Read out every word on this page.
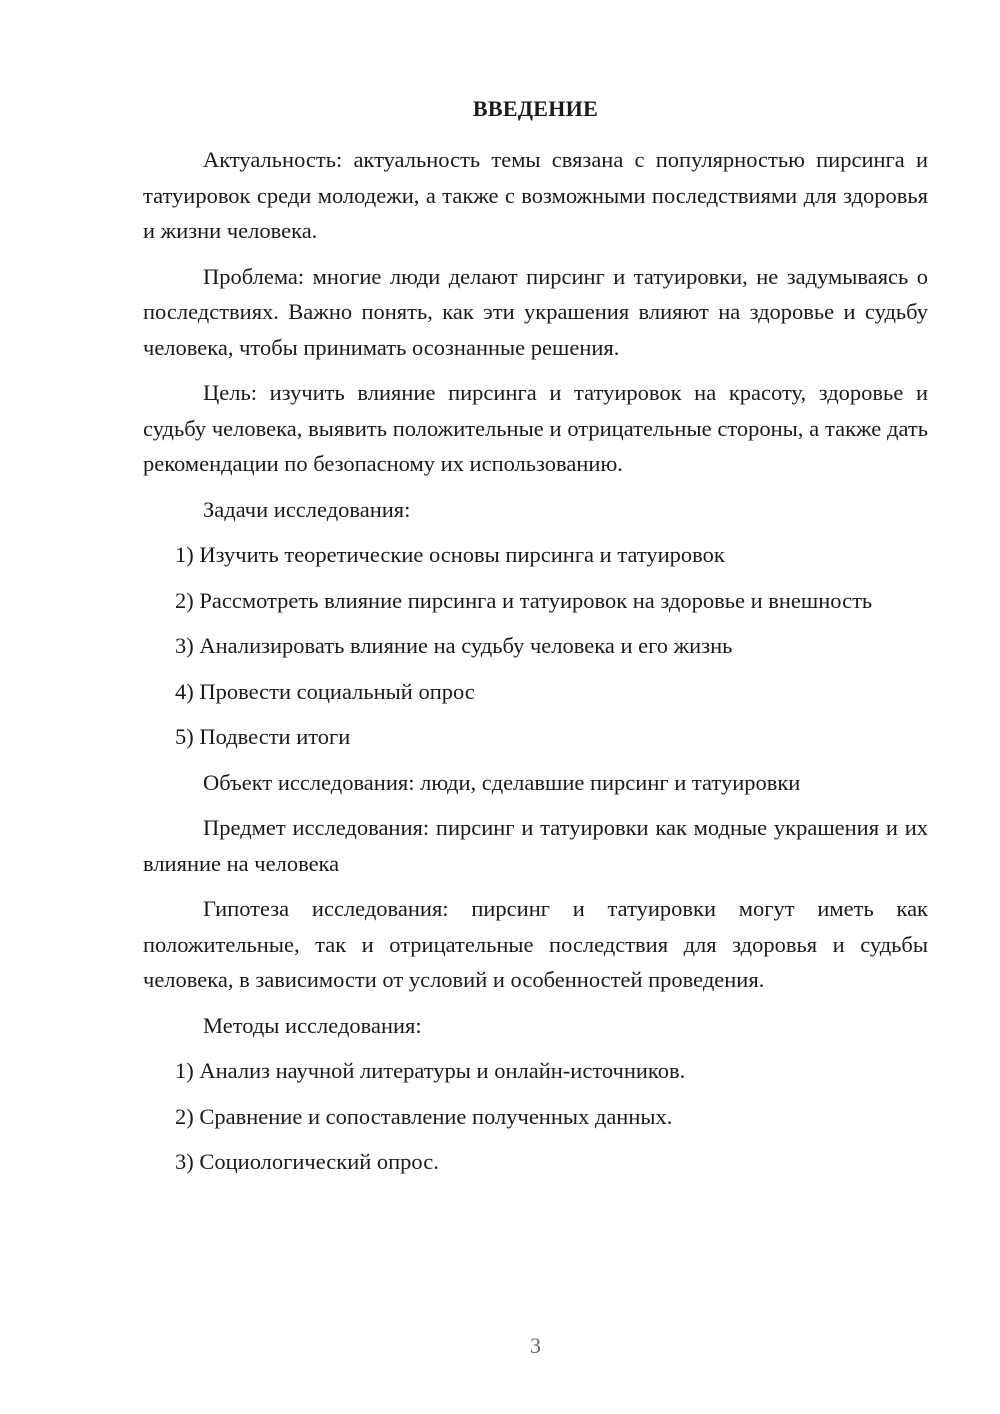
ВВЕДЕНИЕ

Актуальность: актуальность темы связана с популярностью пирсинга и татуировок среди молодежи, а также с возможными последствиями для здоровья и жизни человека.

Проблема: многие люди делают пирсинг и татуировки, не задумываясь о последствиях. Важно понять, как эти украшения влияют на здоровье и судьбу человека, чтобы принимать осознанные решения.

Цель: изучить влияние пирсинга и татуировок на красоту, здоровье и судьбу человека, выявить положительные и отрицательные стороны, а также дать рекомендации по безопасному их использованию.

Задачи исследования:

1) Изучить теоретические основы пирсинга и татуировок

2) Рассмотреть влияние пирсинга и татуировок на здоровье и внешность

3) Анализировать влияние на судьбу человека и его жизнь

4) Провести социальный опрос

5) Подвести итоги

Объект исследования: люди, сделавшие пирсинг и татуировки

Предмет исследования: пирсинг и татуировки как модные украшения и их влияние на человека

Гипотеза исследования: пирсинг и татуировки могут иметь как положительные, так и отрицательные последствия для здоровья и судьбы человека, в зависимости от условий и особенностей проведения.

Методы исследования:

1) Анализ научной литературы и онлайн-источников.

2) Сравнение и сопоставление полученных данных.

3) Социологический опрос.

3
